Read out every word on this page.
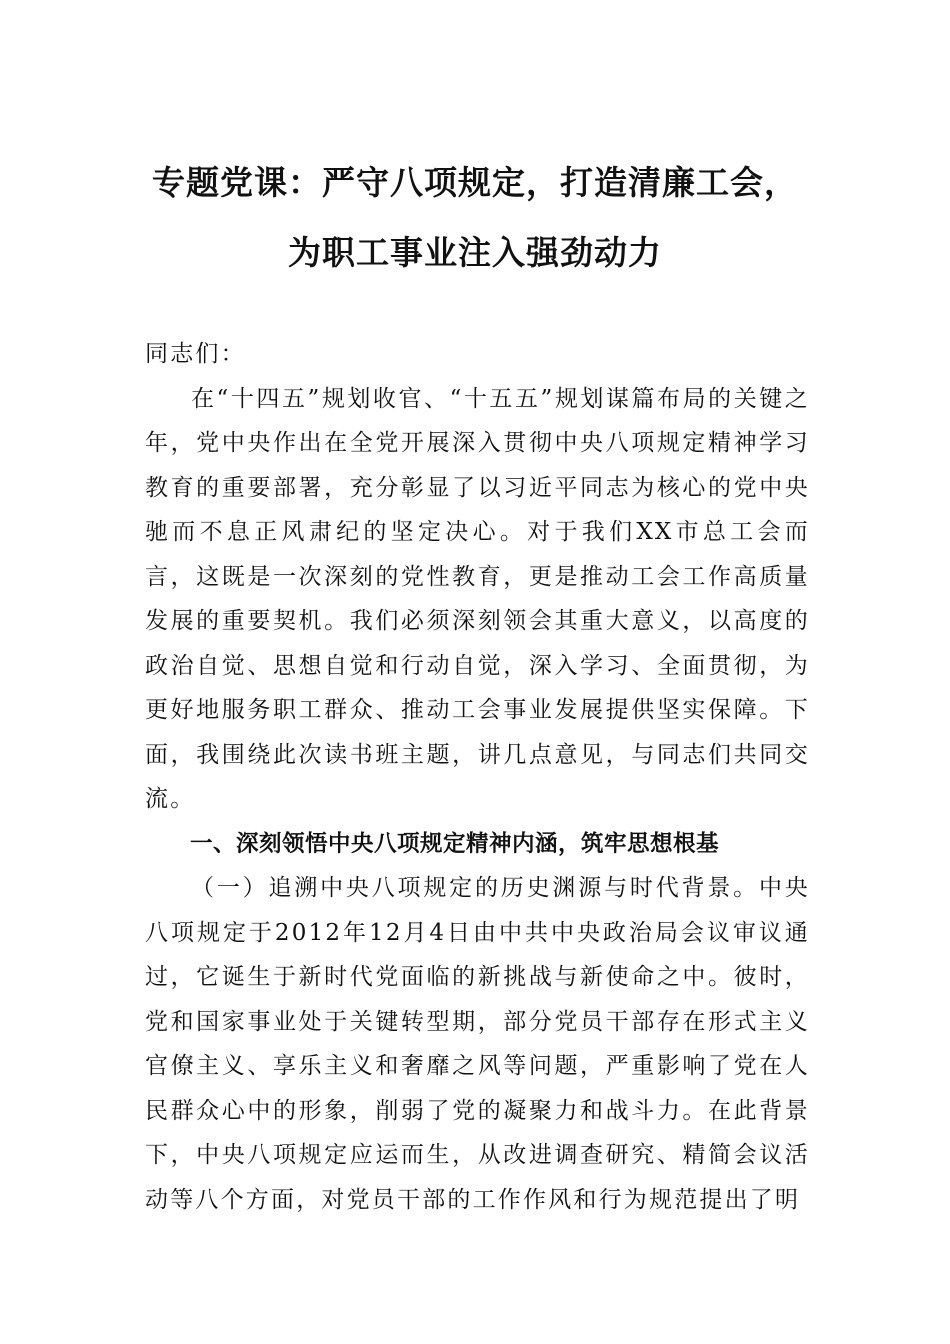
专题党课：严守八项规定，打造清廉工会，
为职工事业注入强劲动力

同志们：

在“十四五”规划收官、“十五五”规划谋篇布局的关键之年，党中央作出在全党开展深入贯彻中央八项规定精神学习教育的重要部署，充分彰显了以习近平同志为核心的党中央驰而不息正风肃纪的坚定决心。对于我们XX市总工会而言，这既是一次深刻的党性教育，更是推动工会工作高质量发展的重要契机。我们必须深刻领会其重大意义，以高度的政治自觉、思想自觉和行动自觉，深入学习、全面贯彻，为更好地服务职工群众、推动工会事业发展提供坚实保障。下面，我围绕此次读书班主题，讲几点意见，与同志们共同交流。

一、深刻领悟中央八项规定精神内涵，筑牢思想根基

（一）追溯中央八项规定的历史渊源与时代背景。中央八项规定于2012年12月4日由中共中央政治局会议审议通过，它诞生于新时代党面临的新挑战与新使命之中。彼时，党和国家事业处于关键转型期，部分党员干部存在形式主义官僚主义、享乐主义和奢靡之风等问题，严重影响了党在人民群众心中的形象，削弱了党的凝聚力和战斗力。在此背景下，中央八项规定应运而生，从改进调查研究、精简会议活动等八个方面，对党员干部的工作作风和行为规范提出了明
